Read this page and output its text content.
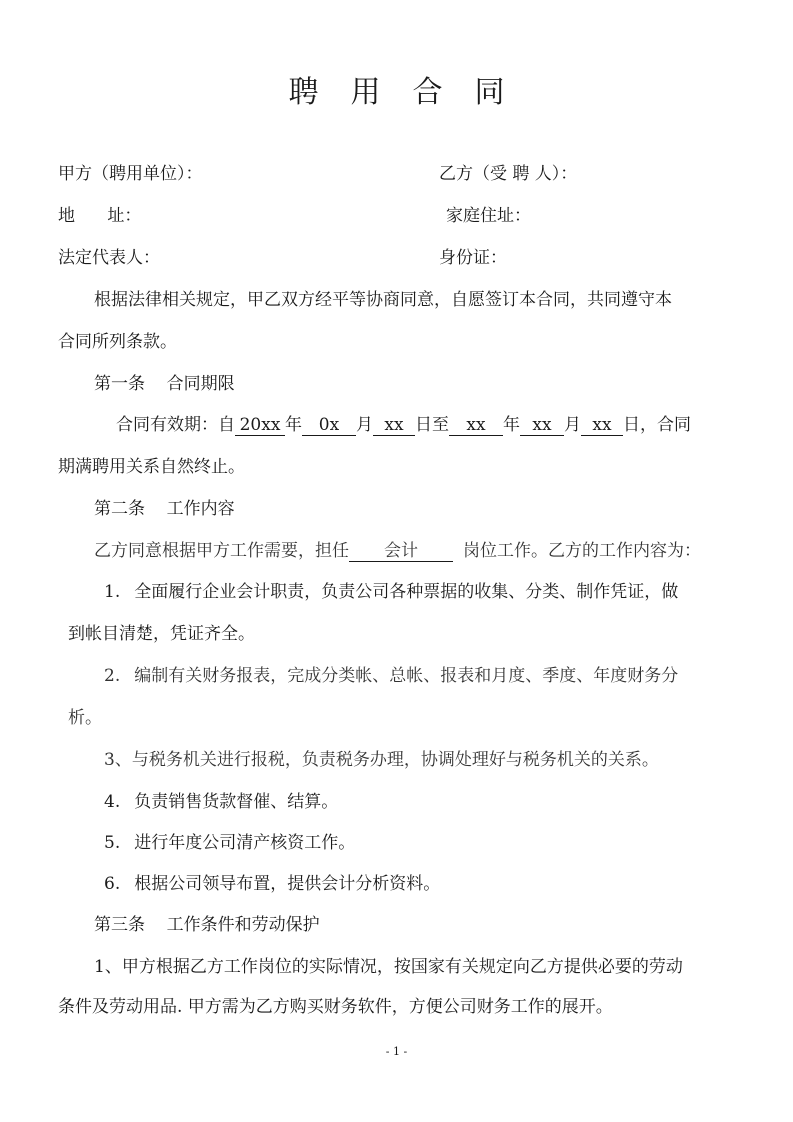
聘 用 合 同
甲方（聘用单位）：	乙方（受 聘 人）：
地      址：	家庭住址：
法定代表人：	身份证：
根据法律相关规定，甲乙双方经平等协商同意，自愿签订本合同，共同遵守本
合同所列条款。
第一条    合同期限
合同有效期：自 20xx 年 0x 月 xx 日至 xx 年 xx 月 xx 日，合同
期满聘用关系自然终止。
第二条    工作内容
乙方同意根据甲方工作需要，担任 会计	岗位工作。乙方的工作内容为：
1. 全面履行企业会计职责，负责公司各种票据的收集、分类、制作凭证，做
到帐目清楚，凭证齐全。
2. 编制有关财务报表，完成分类帐、总帐、报表和月度、季度、年度财务分
析。
3、与税务机关进行报税，负责税务办理，协调处理好与税务机关的关系。
4. 负责销售货款督催、结算。
5. 进行年度公司清产核资工作。
6. 根据公司领导布置，提供会计分析资料。
第三条    工作条件和劳动保护
1、甲方根据乙方工作岗位的实际情况，按国家有关规定向乙方提供必要的劳动
条件及劳动用品. 甲方需为乙方购买财务软件，方便公司财务工作的展开。
- 1 -
